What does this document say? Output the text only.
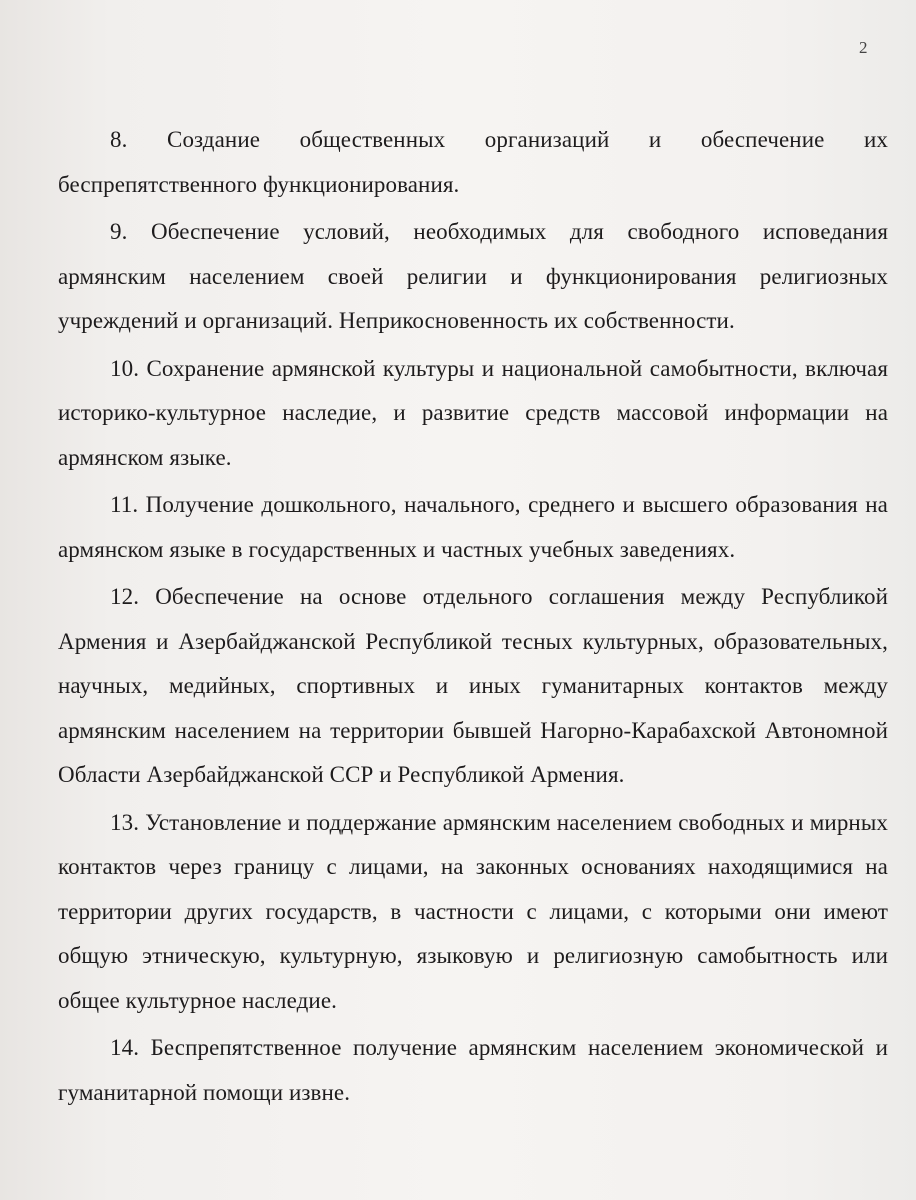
2

8. Создание общественных организаций и обеспечение их беспрепятственного функционирования.

9. Обеспечение условий, необходимых для свободного исповедания армянским населением своей религии и функционирования религиозных учреждений и организаций. Неприкосновенность их собственности.

10. Сохранение армянской культуры и национальной самобытности, включая историко-культурное наследие, и развитие средств массовой информации на армянском языке.

11. Получение дошкольного, начального, среднего и высшего образования на армянском языке в государственных и частных учебных заведениях.

12. Обеспечение на основе отдельного соглашения между Республикой Армения и Азербайджанской Республикой тесных культурных, образовательных, научных, медийных, спортивных и иных гуманитарных контактов между армянским населением на территории бывшей Нагорно-Карабахской Автономной Области Азербайджанской ССР и Республикой Армения.

13. Установление и поддержание армянским населением свободных и мирных контактов через границу с лицами, на законных основаниях находящимися на территории других государств, в частности с лицами, с которыми они имеют общую этническую, культурную, языковую и религиозную самобытность или общее культурное наследие.

14. Беспрепятственное получение армянским населением экономической и гуманитарной помощи извне.
